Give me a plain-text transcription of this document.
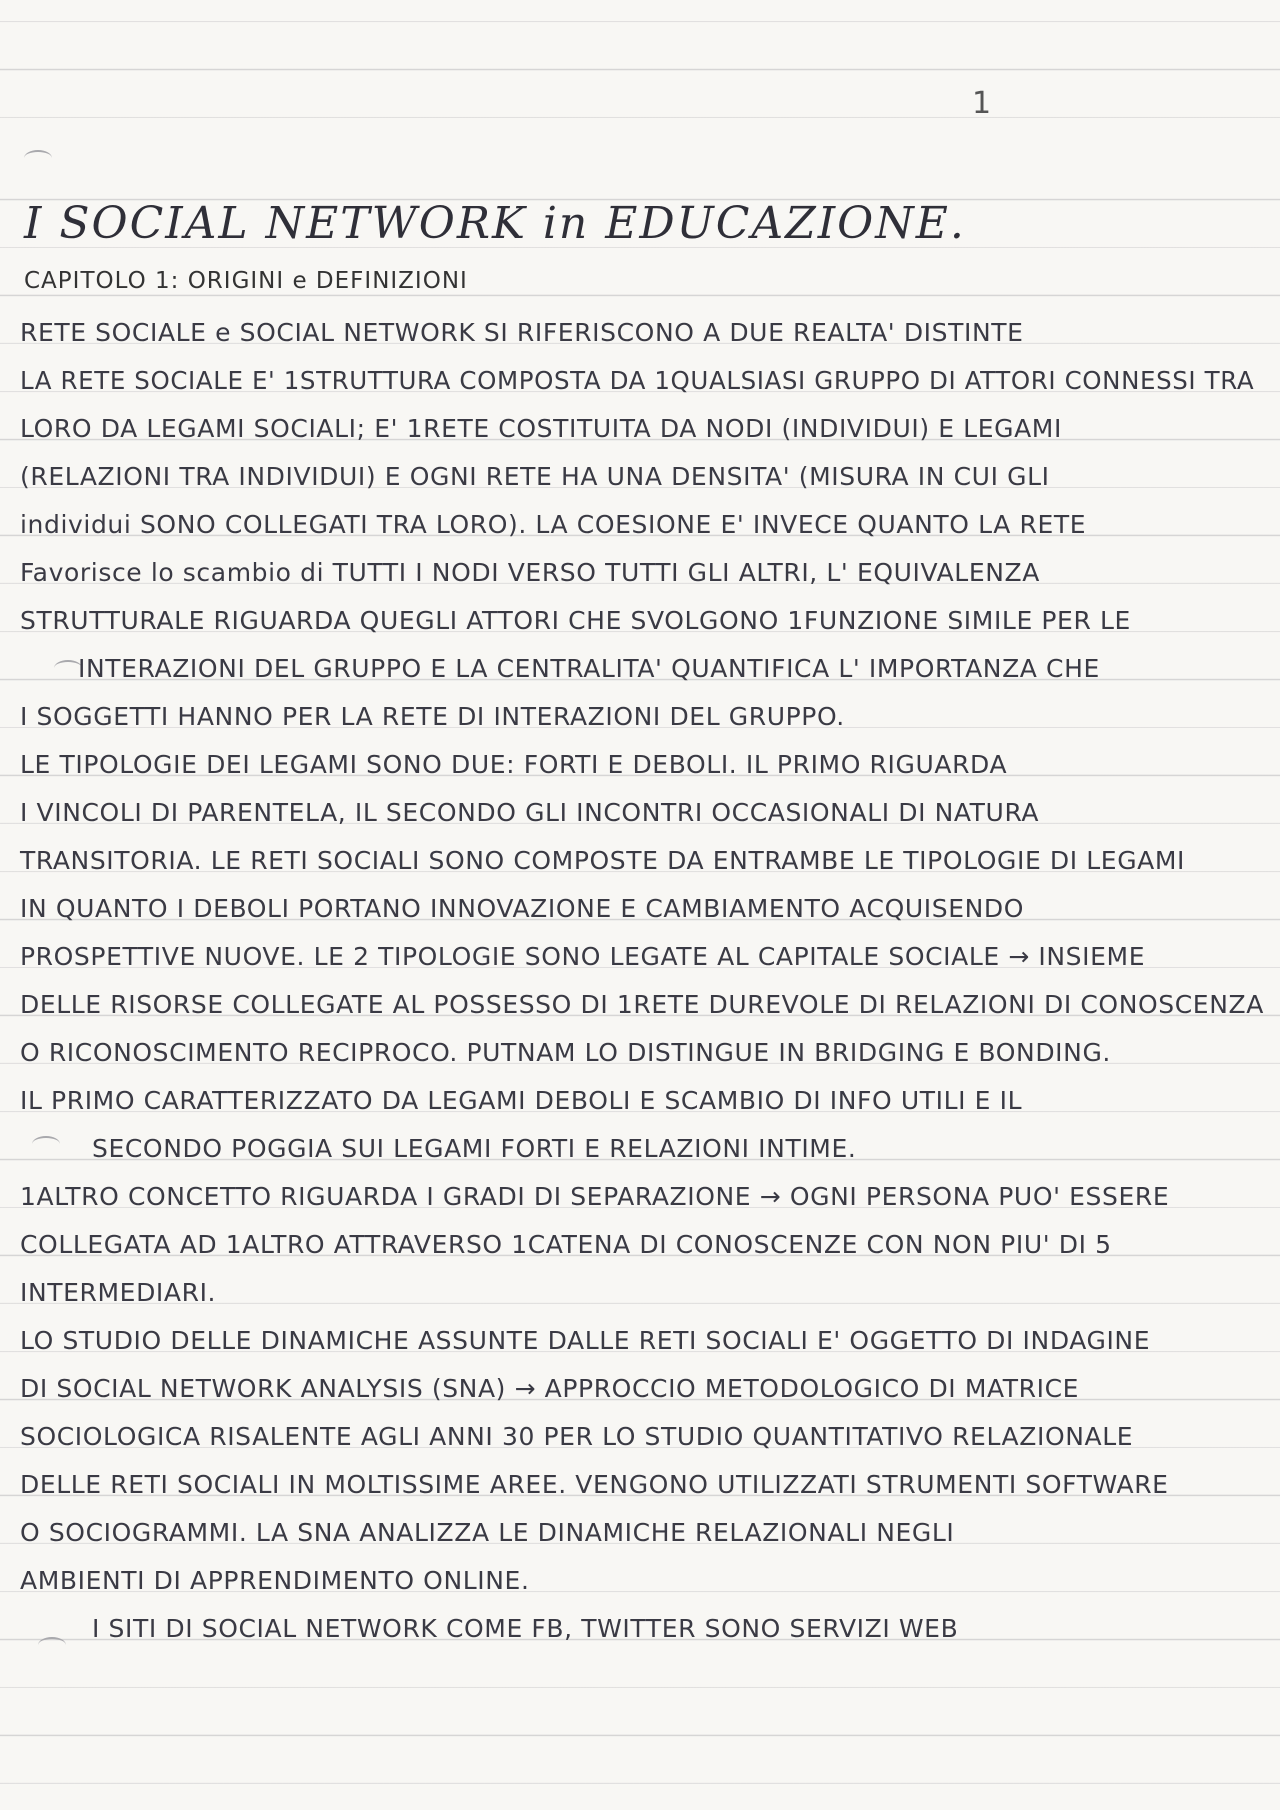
1
I SOCIAL NETWORK in EDUCAZIONE.
CAPITOLO 1: ORIGINI e DEFINIZIONI
RETE SOCIALE e SOCIAL NETWORK SI RIFERISCONO A DUE REALTA' DISTINTE
LA RETE SOCIALE E' 1STRUTTURA COMPOSTA DA 1QUALSIASI GRUPPO DI ATTORI CONNESSI TRA
LORO DA LEGAMI SOCIALI; E' 1RETE COSTITUITA DA NODI (INDIVIDUI) E LEGAMI
(RELAZIONI TRA INDIVIDUI) E OGNI RETE HA UNA DENSITA' (MISURA IN CUI GLI
individui SONO COLLEGATI TRA LORO). LA COESIONE E' INVECE QUANTO LA RETE
Favorisce lo scambio di TUTTI I NODI VERSO TUTTI GLI ALTRI, L' EQUIVALENZA
STRUTTURALE RIGUARDA QUEGLI ATTORI CHE SVOLGONO 1FUNZIONE SIMILE PER LE
INTERAZIONI DEL GRUPPO E LA CENTRALITA' QUANTIFICA L' IMPORTANZA CHE
I SOGGETTI HANNO PER LA RETE DI INTERAZIONI DEL GRUPPO.
LE TIPOLOGIE DEI LEGAMI SONO DUE: FORTI E DEBOLI. IL PRIMO RIGUARDA
I VINCOLI DI PARENTELA, IL SECONDO GLI INCONTRI OCCASIONALI DI NATURA
TRANSITORIA. LE RETI SOCIALI SONO COMPOSTE DA ENTRAMBE LE TIPOLOGIE DI LEGAMI
IN QUANTO I DEBOLI PORTANO INNOVAZIONE E CAMBIAMENTO ACQUISENDO
PROSPETTIVE NUOVE. LE 2 TIPOLOGIE SONO LEGATE AL CAPITALE SOCIALE → INSIEME
DELLE RISORSE COLLEGATE AL POSSESSO DI 1RETE DUREVOLE DI RELAZIONI DI CONOSCENZA
O RICONOSCIMENTO RECIPROCO. PUTNAM LO DISTINGUE IN BRIDGING E BONDING.
IL PRIMO CARATTERIZZATO DA LEGAMI DEBOLI E SCAMBIO DI INFO UTILI E IL
SECONDO POGGIA SUI LEGAMI FORTI E RELAZIONI INTIME.
1ALTRO CONCETTO RIGUARDA I GRADI DI SEPARAZIONE → OGNI PERSONA PUO' ESSERE
COLLEGATA AD 1ALTRO ATTRAVERSO 1CATENA DI CONOSCENZE CON NON PIU' DI 5
INTERMEDIARI.
LO STUDIO DELLE DINAMICHE ASSUNTE DALLE RETI SOCIALI E' OGGETTO DI INDAGINE
DI SOCIAL NETWORK ANALYSIS (SNA) → APPROCCIO METODOLOGICO DI MATRICE
SOCIOLOGICA RISALENTE AGLI ANNI 30 PER LO STUDIO QUANTITATIVO RELAZIONALE
DELLE RETI SOCIALI IN MOLTISSIME AREE. VENGONO UTILIZZATI STRUMENTI SOFTWARE
O SOCIOGRAMMI. LA SNA ANALIZZA LE DINAMICHE RELAZIONALI NEGLI
AMBIENTI DI APPRENDIMENTO ONLINE.
I SITI DI SOCIAL NETWORK COME FB, TWITTER SONO SERVIZI WEB
